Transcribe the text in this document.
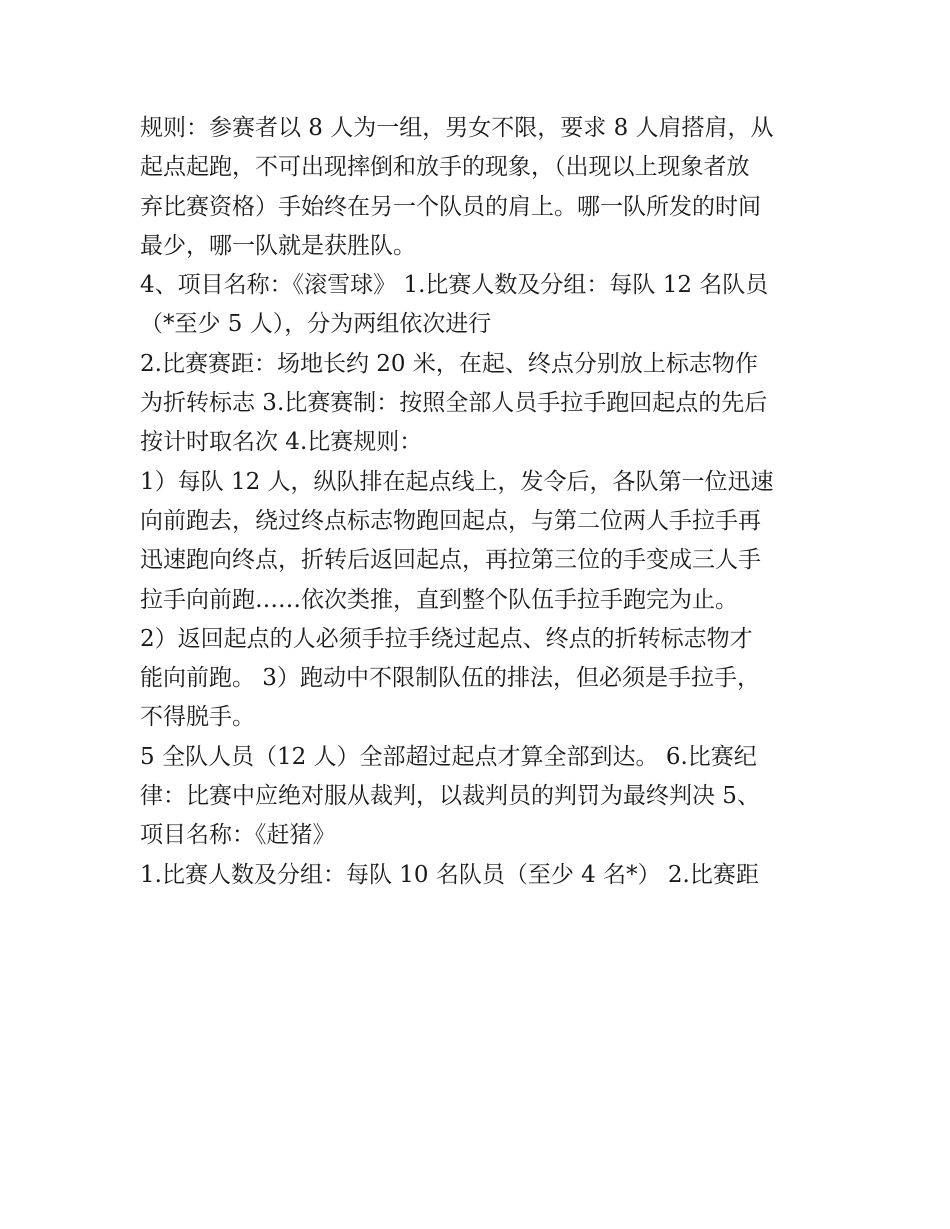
规则：参赛者以 8 人为一组，男女不限，要求 8 人肩搭肩，从
起点起跑，不可出现摔倒和放手的现象，（出现以上现象者放
弃比赛资格）手始终在另一个队员的肩上。哪一队所发的时间
最少，哪一队就是获胜队。

4、项目名称：《滚雪球》 1.比赛人数及分组：每队 12 名队员
（*至少 5 人），分为两组依次进行

2.比赛赛距：场地长约 20 米，在起、终点分别放上标志物作
为折转标志 3.比赛赛制：按照全部人员手拉手跑回起点的先后
按计时取名次 4.比赛规则：

1）每队 12 人，纵队排在起点线上，发令后，各队第一位迅速
向前跑去，绕过终点标志物跑回起点，与第二位两人手拉手再
迅速跑向终点，折转后返回起点，再拉第三位的手变成三人手
拉手向前跑……依次类推，直到整个队伍手拉手跑完为止。

2）返回起点的人必须手拉手绕过起点、终点的折转标志物才
能向前跑。 3）跑动中不限制队伍的排法，但必须是手拉手，
不得脱手。

5 全队人员（12 人）全部超过起点才算全部到达。 6.比赛纪
律：比赛中应绝对服从裁判，以裁判员的判罚为最终判决 5、
项目名称：《赶猪》

1.比赛人数及分组：每队 10 名队员（至少 4 名*） 2.比赛距
